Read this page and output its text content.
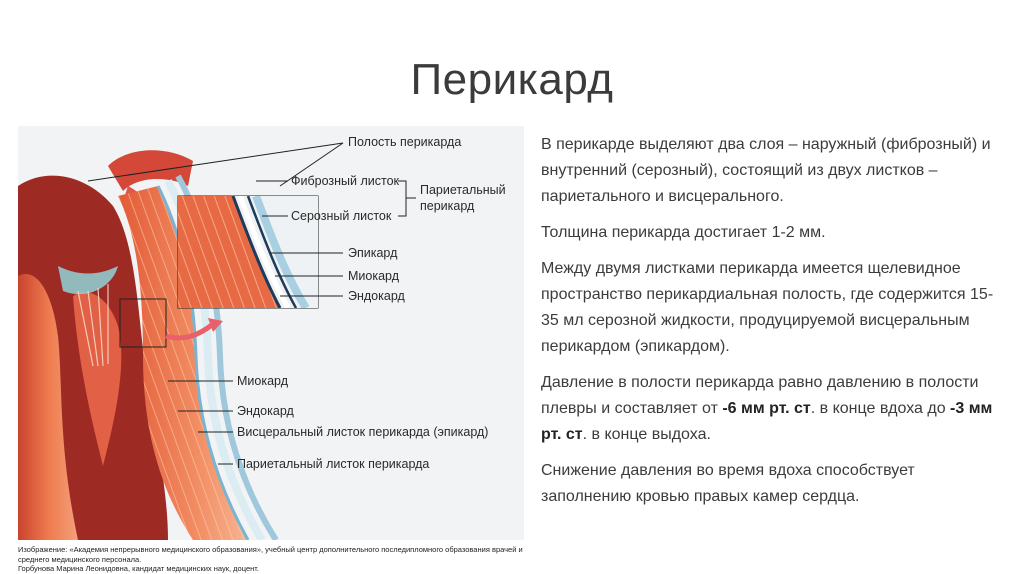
Перикард
Полость перикарда
Фиброзный листок
Серозный листок
Париетальный
перикард
Эпикард
Миокард
Эндокард
Миокард
Эндокард
Висцеральный листок перикарда (эпикард)
Париетальный листок перикарда
Изображение: «Академия непрерывного медицинского образования», учебный центр дополнительного последипломного образования врачей и
среднего медицинского персонала.
Горбунова Марина Леонидовна, кандидат медицинских наук, доцент.

В перикарде выделяют два слоя – наружный (фиброзный) и внутренний (серозный), состоящий из двух листков – париетального и висцерального.

Толщина перикарда достигает 1-2 мм.

Между двумя листками перикарда имеется щелевидное пространство перикардиальная полость, где содержится 15-35 мл серозной жидкости, продуцируемой висцеральным перикардом (эпикардом).

Давление в полости перикарда равно давлению в полости плевры и составляет от -6 мм рт. ст. в конце вдоха до -3 мм рт. ст. в конце выдоха.

Снижение давления во время вдоха способствует заполнению кровью правых камер сердца.
